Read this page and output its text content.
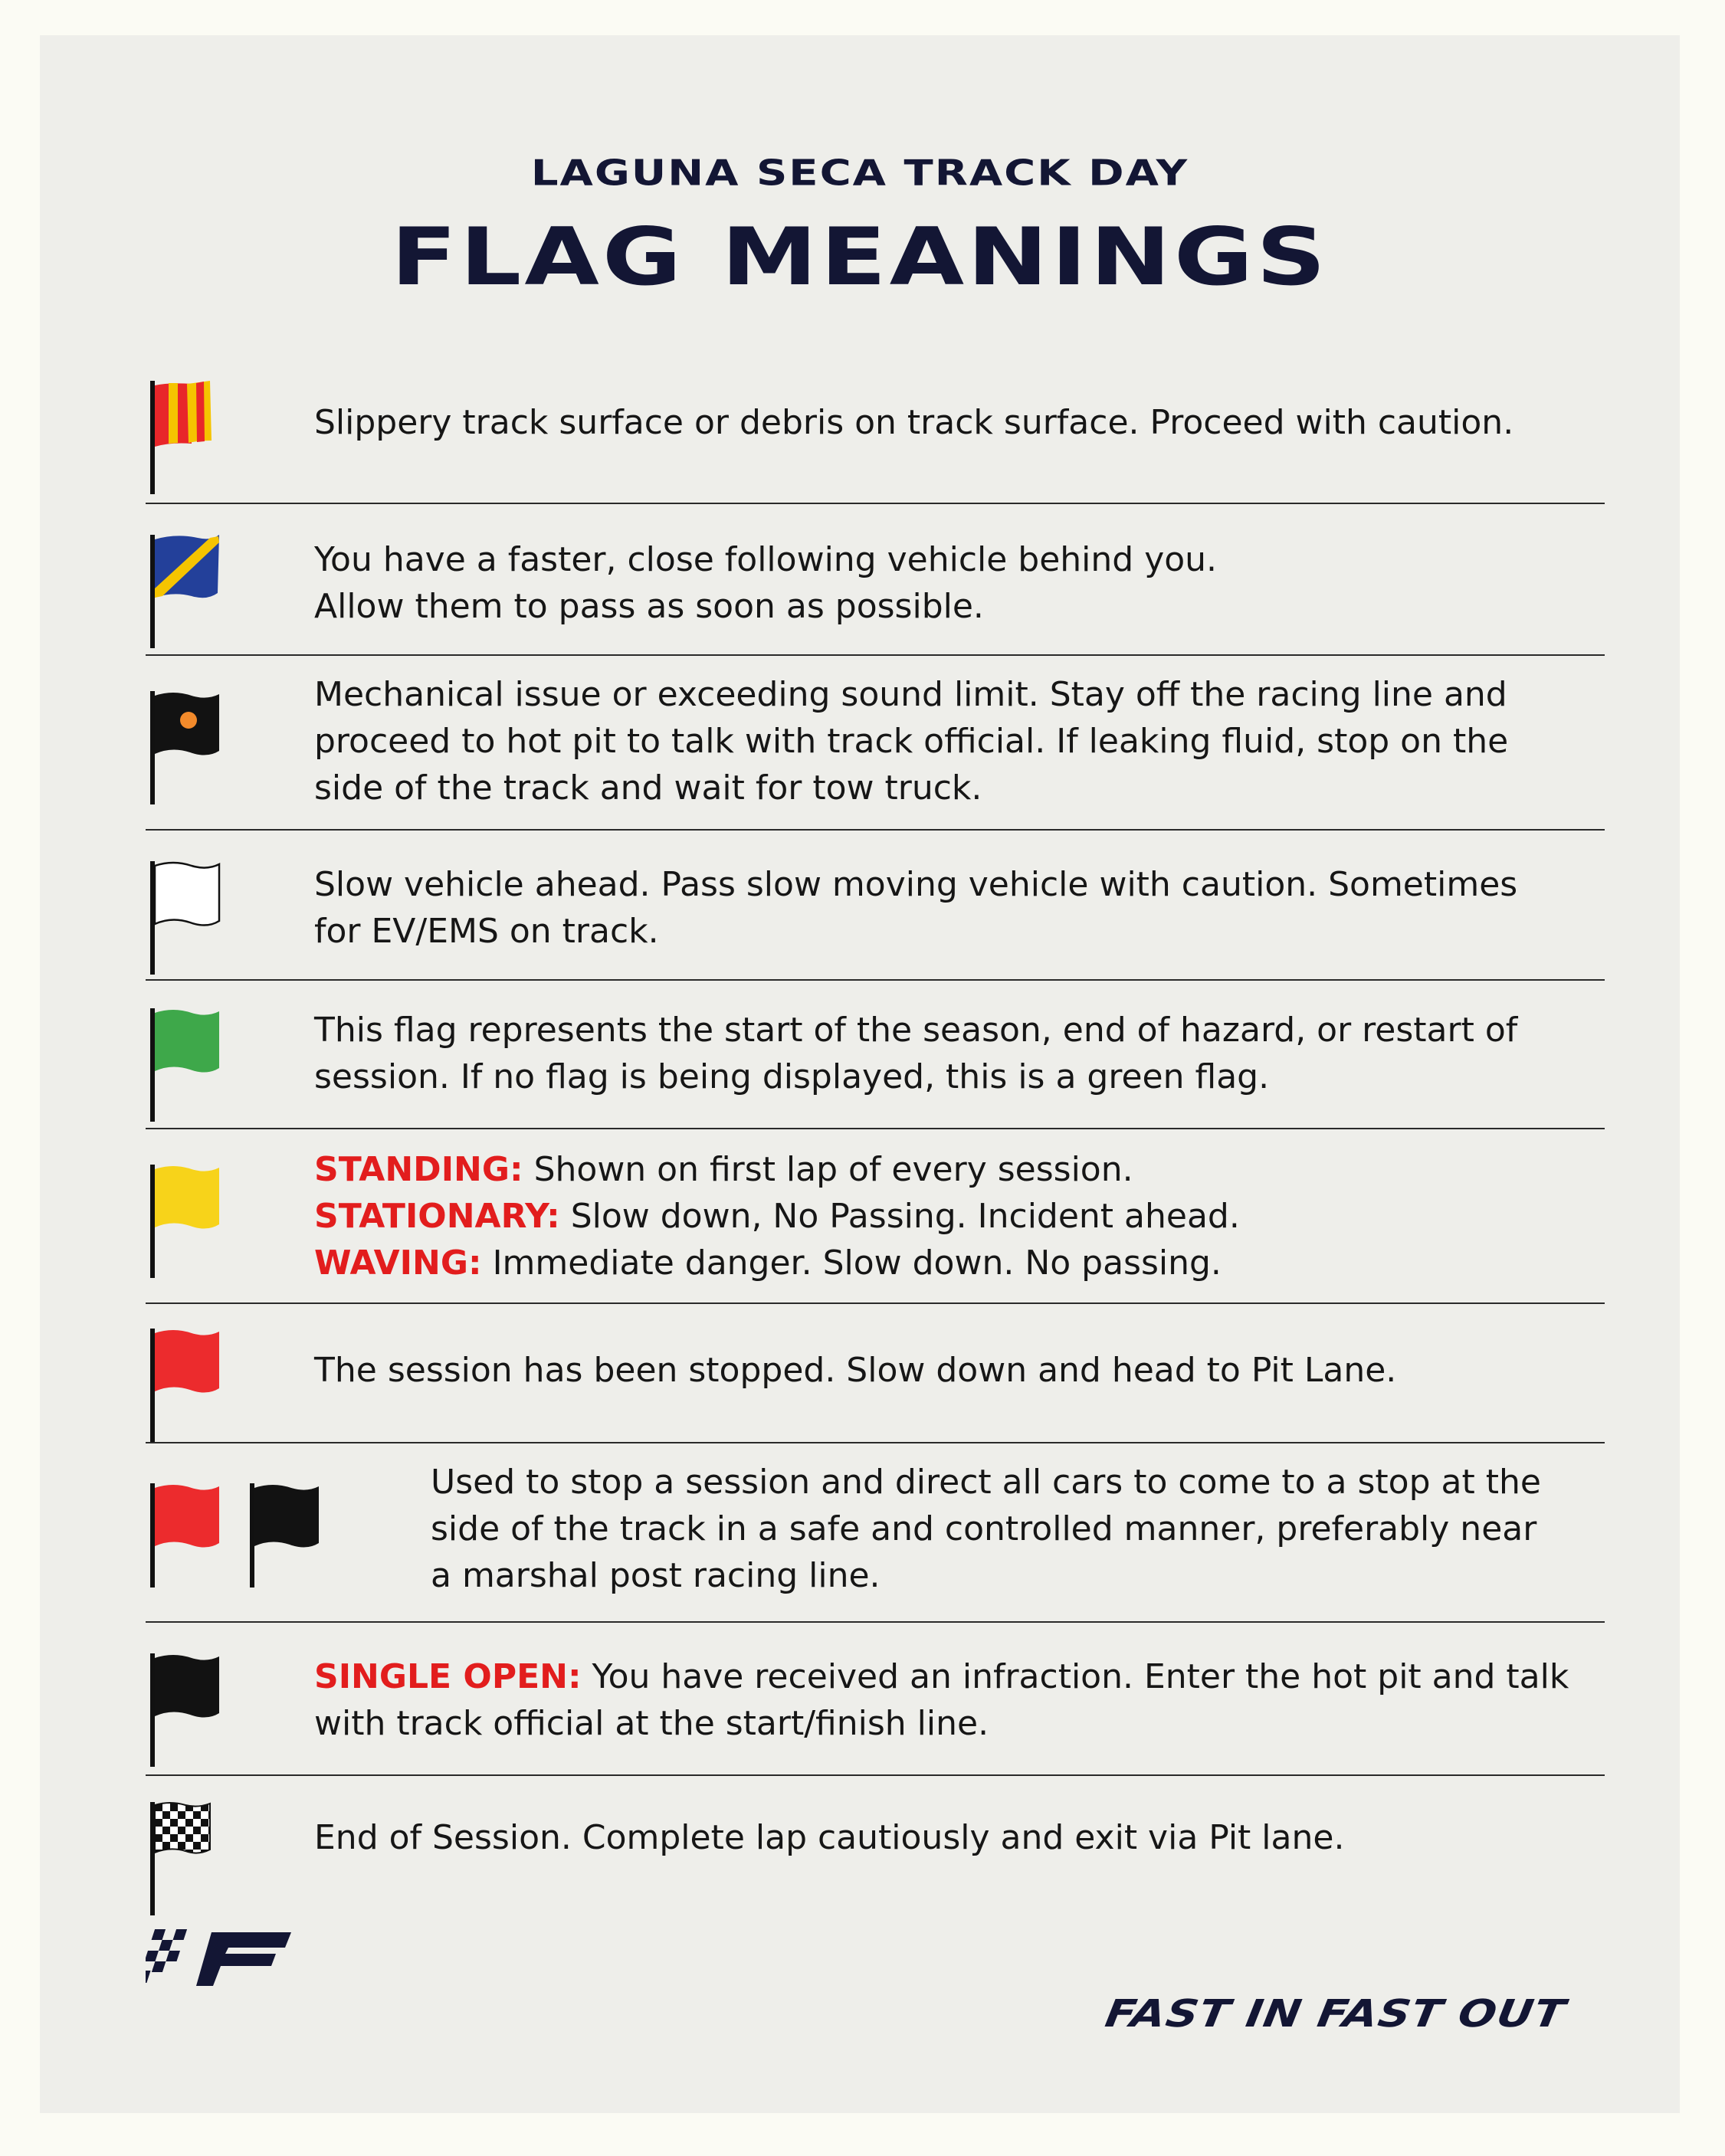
LAGUNA SECA TRACK DAY
FLAG MEANINGS
Slippery track surface or debris on track surface. Proceed with caution.
You have a faster, close following vehicle behind you.
Allow them to pass as soon as possible.
Mechanical issue or exceeding sound limit. Stay off the racing line and
proceed to hot pit to talk with track official. If leaking fluid, stop on the
side of the track and wait for tow truck.
Slow vehicle ahead. Pass slow moving vehicle with caution. Sometimes
for EV/EMS on track.
This flag represents the start of the season, end of hazard, or restart of
session. If no flag is being displayed, this is a green flag.
STANDING: Shown on first lap of every session.
STATIONARY: Slow down, No Passing. Incident ahead.
WAVING: Immediate danger. Slow down. No passing.
The session has been stopped. Slow down and head to Pit Lane.
Used to stop a session and direct all cars to come to a stop at the
side of the track in a safe and controlled manner, preferably near
a marshal post racing line.
SINGLE OPEN: You have received an infraction. Enter the hot pit and talk
with track official at the start/finish line.
End of Session. Complete lap cautiously and exit via Pit lane.
FAST IN FAST OUT
